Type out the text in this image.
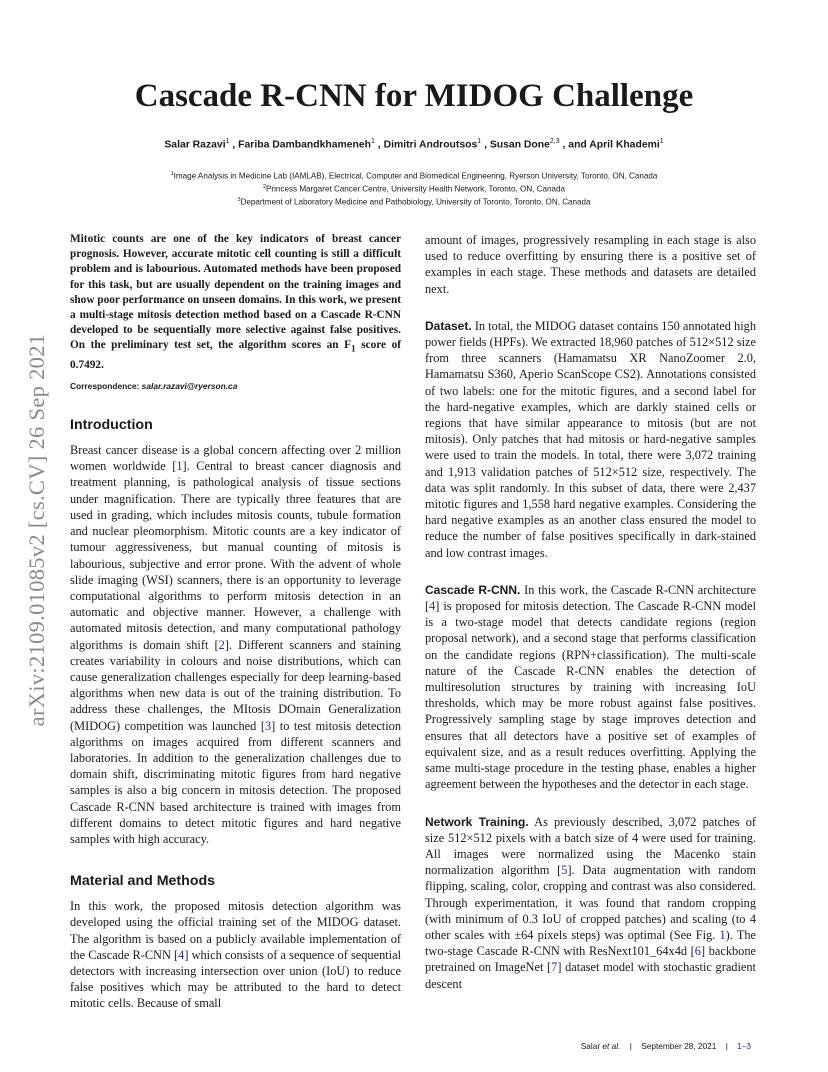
arXiv:2109.01085v2 [cs.CV] 26 Sep 2021
Cascade R-CNN for MIDOG Challenge
Salar Razavi$^1$ , Fariba Dambandkhameneh$^1$ , Dimitri Androutsos$^1$ , Susan Done$^{2,3}$ , and April Khademi$^1$
$^1$Image Analysis in Medicine Lab (IAMLAB), Electrical, Computer and Biomedical Engineering, Ryerson University, Toronto, ON, Canada
$^2$Princess Margaret Cancer Centre, University Health Network, Toronto, ON, Canada
$^3$Department of Laboratory Medicine and Pathobiology, University of Toronto, Toronto, ON, Canada

Mitotic counts are one of the key indicators of breast cancer prognosis. However, accurate mitotic cell counting is still a difficult problem and is labourious. Automated methods have been proposed for this task, but are usually dependent on the training images and show poor performance on unseen domains. In this work, we present a multi-stage mitosis detection method based on a Cascade R-CNN developed to be sequentially more selective against false positives. On the preliminary test set, the algorithm scores an $F_1$ score of 0.7492.

Correspondence: salar.razavi@ryerson.ca
Introduction

Breast cancer disease is a global concern affecting over 2 million women worldwide [1]. Central to breast cancer diagnosis and treatment planning, is pathological analysis of tissue sections under magnification. There are typically three features that are used in grading, which includes mitosis counts, tubule formation and nuclear pleomorphism. Mitotic counts are a key indicator of tumour aggressiveness, but manual counting of mitosis is labourious, subjective and error prone. With the advent of whole slide imaging (WSI) scanners, there is an opportunity to leverage computational algorithms to perform mitosis detection in an automatic and objective manner. However, a challenge with automated mitosis detection, and many computational pathology algorithms is domain shift [2]. Different scanners and staining creates variability in colours and noise distributions, which can cause generalization challenges especially for deep learning-based algorithms when new data is out of the training distribution. To address these challenges, the MItosis DOmain Generalization (MIDOG) competition was launched [3] to test mitosis detection algorithms on images acquired from different scanners and laboratories. In addition to the generalization challenges due to domain shift, discriminating mitotic figures from hard negative samples is also a big concern in mitosis detection. The proposed Cascade R-CNN based architecture is trained with images from different domains to detect mitotic figures and hard negative samples with high accuracy.

Material and Methods

In this work, the proposed mitosis detection algorithm was developed using the official training set of the MIDOG dataset. The algorithm is based on a publicly available implementation of the Cascade R-CNN [4] which consists of a sequence of sequential detectors with increasing intersection over union (IoU) to reduce false positives which may be attributed to the hard to detect mitotic cells. Because of small

amount of images, progressively resampling in each stage is also used to reduce overfitting by ensuring there is a positive set of examples in each stage. These methods and datasets are detailed next.

Dataset. In total, the MIDOG dataset contains 150 annotated high power fields (HPFs). We extracted 18,960 patches of 512×512 size from three scanners (Hamamatsu XR NanoZoomer 2.0, Hamamatsu S360, Aperio ScanScope CS2). Annotations consisted of two labels: one for the mitotic figures, and a second label for the hard-negative examples, which are darkly stained cells or regions that have similar appearance to mitosis (but are not mitosis). Only patches that had mitosis or hard-negative samples were used to train the models. In total, there were 3,072 training and 1,913 validation patches of 512×512 size, respectively. The data was split randomly. In this subset of data, there were 2,437 mitotic figures and 1,558 hard negative examples. Considering the hard negative examples as an another class ensured the model to reduce the number of false positives specifically in dark-stained and low contrast images.

Cascade R-CNN. In this work, the Cascade R-CNN architecture [4] is proposed for mitosis detection. The Cascade R-CNN model is a two-stage model that detects candidate regions (region proposal network), and a second stage that performs classification on the candidate regions (RPN+classification). The multi-scale nature of the Cascade R-CNN enables the detection of multiresolution structures by training with increasing IoU thresholds, which may be more robust against false positives. Progressively sampling stage by stage improves detection and ensures that all detectors have a positive set of examples of equivalent size, and as a result reduces overfitting. Applying the same multi-stage procedure in the testing phase, enables a higher agreement between the hypotheses and the detector in each stage.

Network Training. As previously described, 3,072 patches of size 512×512 pixels with a batch size of 4 were used for training. All images were normalized using the Macenko stain normalization algorithm [5]. Data augmentation with random flipping, scaling, color, cropping and contrast was also considered. Through experimentation, it was found that random cropping (with minimum of 0.3 IoU of cropped patches) and scaling (to 4 other scales with ±64 pixels steps) was optimal (See Fig. 1). The two-stage Cascade R-CNN with ResNext101_64x4d [6] backbone pretrained on ImageNet [7] dataset model with stochastic gradient descent

Salar et al. | September 28, 2021 | 1–3
